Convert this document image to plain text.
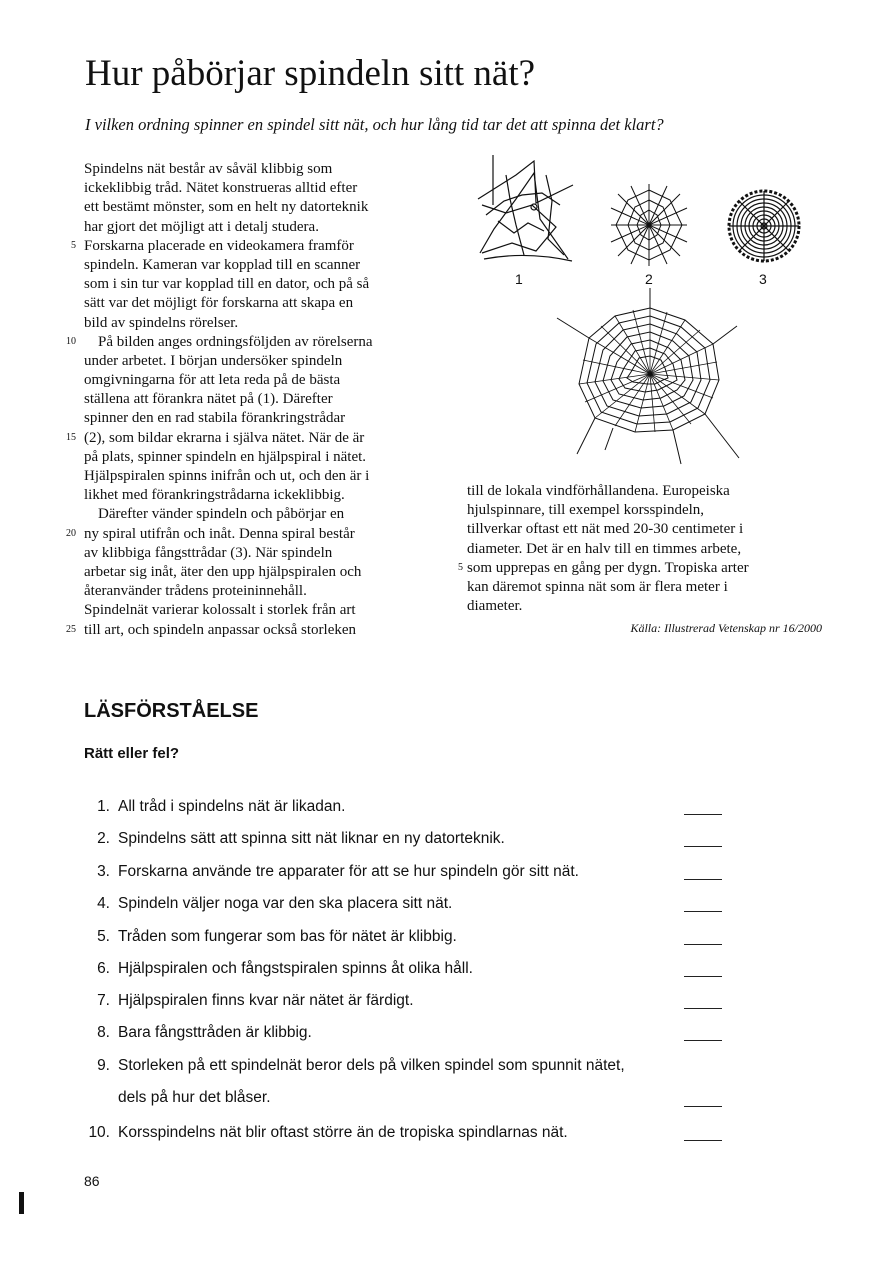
Hur påbörjar spindeln sitt nät?
I vilken ordning spinner en spindel sitt nät, och hur lång tid tar det att spinna det klart?
Spindelns nät består av såväl klibbig som
ickeklibbig tråd. Nätet konstrueras alltid efter
ett bestämt mönster, som en helt ny datorteknik
har gjort det möjligt att i detalj studera.
5 Forskarna placerade en videokamera framför
spindeln. Kameran var kopplad till en scanner
som i sin tur var kopplad till en dator, och på så
sätt var det möjligt för forskarna att skapa en
bild av spindelns rörelser.
10 På bilden anges ordningsföljden av rörelserna
under arbetet. I början undersöker spindeln
omgivningarna för att leta reda på de bästa
ställena att förankra nätet på (1). Därefter
spinner den en rad stabila förankringstrådar
15 (2), som bildar ekrarna i själva nätet. När de är
på plats, spinner spindeln en hjälpspiral i nätet.
Hjälpspiralen spinns inifrån och ut, och den är i
likhet med förankringstrådarna ickeklibbig.
Därefter vänder spindeln och påbörjar en
20 ny spiral utifrån och inåt. Denna spiral består
av klibbiga fångsttrådar (3). När spindeln
arbetar sig inåt, äter den upp hjälpspiralen och
återanvänder trådens proteininnehåll.
Spindelnät varierar kolossalt i storlek från art
25 till art, och spindeln anpassar också storleken
till de lokala vindförhållandena. Europeiska
hjulspinnare, till exempel korsspindeln,
tillverkar oftast ett nät med 20-30 centimeter i
diameter. Det är en halv till en timmes arbete,
5 som upprepas en gång per dygn. Tropiska arter
kan däremot spinna nät som är flera meter i
diameter.
Källa: Illustrerad Vetenskap nr 16/2000
1	2	3
LÄSFÖRSTÅELSE
Rätt eller fel?
1. All tråd i spindelns nät är likadan.
2. Spindelns sätt att spinna sitt nät liknar en ny datorteknik.
3. Forskarna använde tre apparater för att se hur spindeln gör sitt nät.
4. Spindeln väljer noga var den ska placera sitt nät.
5. Tråden som fungerar som bas för nätet är klibbig.
6. Hjälpspiralen och fångstspiralen spinns åt olika håll.
7. Hjälpspiralen finns kvar när nätet är färdigt.
8. Bara fångsttråden är klibbig.
9. Storleken på ett spindelnät beror dels på vilken spindel som spunnit nätet,
dels på hur det blåser.
10. Korsspindelns nät blir oftast större än de tropiska spindlarnas nät.
86
